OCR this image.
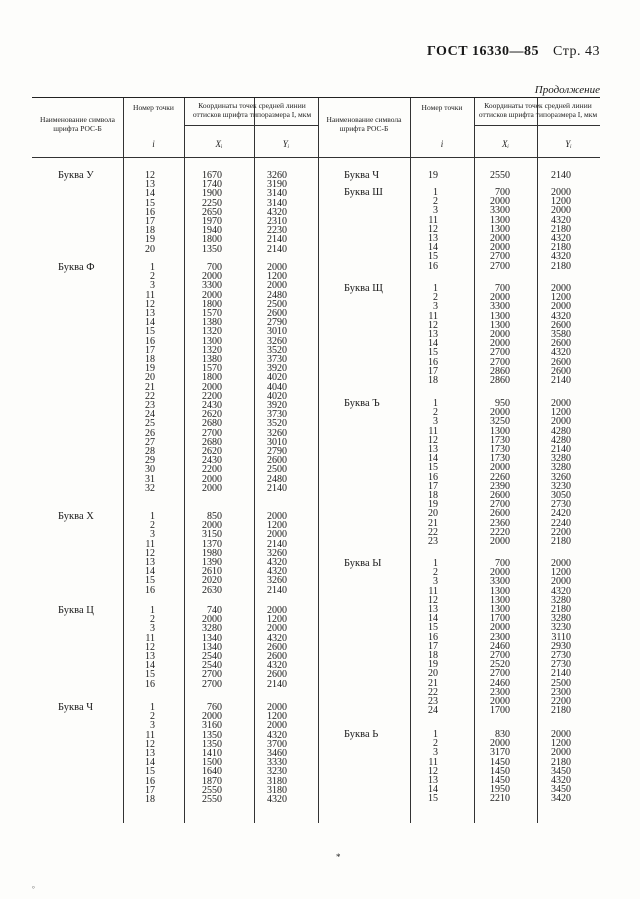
ГОСТ 16330—85 Стр. 43
Продолжение
Наименование символа шрифта РОС-Б
Номер точки	Координаты точек средней линии оттисков шрифта типоразмера I, мкм
i	Xᵢ	Yᵢ
Наименование символа шрифта РОС-Б
Номер точки	Координаты точек средней линии оттисков шрифта типоразмера I, мкм
i	Xᵢ	Yᵢ
Буква У	12	1670	3260
13	1740	3190
14	1900	3140
15	2250	3140
16	2650	4320
17	1970	2310
18	1940	2230
19	1800	2140
20	1350	2140
Буква Ф	1	700	2000
2	2000	1200
3	3300	2000
11	2000	2480
12	1800	2500
13	1570	2600
14	1380	2790
15	1320	3010
16	1300	3260
17	1320	3520
18	1380	3730
19	1570	3920
20	1800	4020
21	2000	4040
22	2200	4020
23	2430	3920
24	2620	3730
25	2680	3520
26	2700	3260
27	2680	3010
28	2620	2790
29	2430	2600
30	2200	2500
31	2000	2480
32	2000	2140
Буква Х	1	850	2000
2	2000	1200
3	3150	2000
11	1370	2140
12	1980	3260
13	1390	4320
14	2610	4320
15	2020	3260
16	2630	2140
Буква Ц	1	740	2000
2	2000	1200
3	3280	2000
11	1340	4320
12	1340	2600
13	2540	2600
14	2540	4320
15	2700	2600
16	2700	2140
Буква Ч	1	760	2000
2	2000	1200
3	3160	2000
11	1350	4320
12	1350	3700
13	1410	3460
14	1500	3330
15	1640	3230
16	1870	3180
17	2550	3180
18	2550	4320
Буква Ч	19	2550	2140
Буква Ш	1	700	2000
2	2000	1200
3	3300	2000
11	1300	4320
12	1300	2180
13	2000	4320
14	2000	2180
15	2700	4320
16	2700	2180
Буква Щ	1	700	2000
2	2000	1200
3	3300	2000
11	1300	4320
12	1300	2600
13	2000	3580
14	2000	2600
15	2700	4320
16	2700	2600
17	2860	2600
18	2860	2140
Буква Ъ	1	950	2000
2	2000	1200
3	3250	2000
11	1300	4280
12	1730	4280
13	1730	2140
14	1730	3280
15	2000	3280
16	2260	3260
17	2390	3230
18	2600	3050
19	2700	2730
20	2600	2420
21	2360	2240
22	2220	2200
23	2000	2180
Буква Ы	1	700	2000
2	2000	1200
3	3300	2000
11	1300	4320
12	1300	3280
13	1300	2180
14	1700	3280
15	2000	3230
16	2300	3110
17	2460	2930
18	2700	2730
19	2520	2730
20	2700	2140
21	2460	2500
22	2300	2300
23	2000	2200
24	1700	2180
Буква Ь	1	830	2000
2	2000	1200
3	3170	2000
11	1450	2180
12	1450	3450
13	1450	4320
14	1950	3450
15	2210	3420
*
°
